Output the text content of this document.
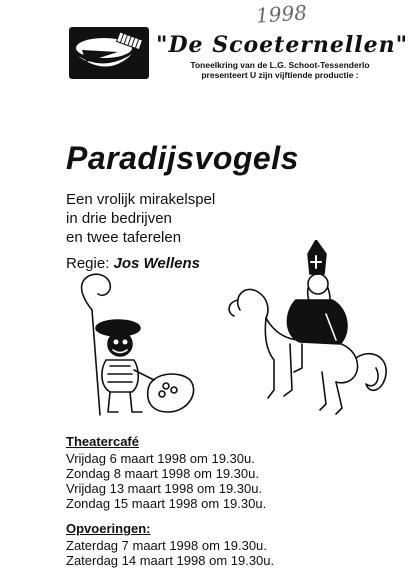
1998
"De Scoeternellen"
Toneelkring van de L.G. Schoot-Tessenderlo
presenteert U zijn vijftiende productie :
Paradijsvogels
Een vrolijk mirakelspel
in drie bedrijven
en twee taferelen
Regie: Jos Wellens
Theatercafé
Vrijdag 6 maart 1998 om 19.30u.
Zondag 8 maart 1998 om 19.30u.
Vrijdag 13 maart 1998 om 19.30u.
Zondag 15 maart 1998 om 19.30u.
Opvoeringen:
Zaterdag 7 maart 1998 om 19.30u.
Zaterdag 14 maart 1998 om 19.30u.
